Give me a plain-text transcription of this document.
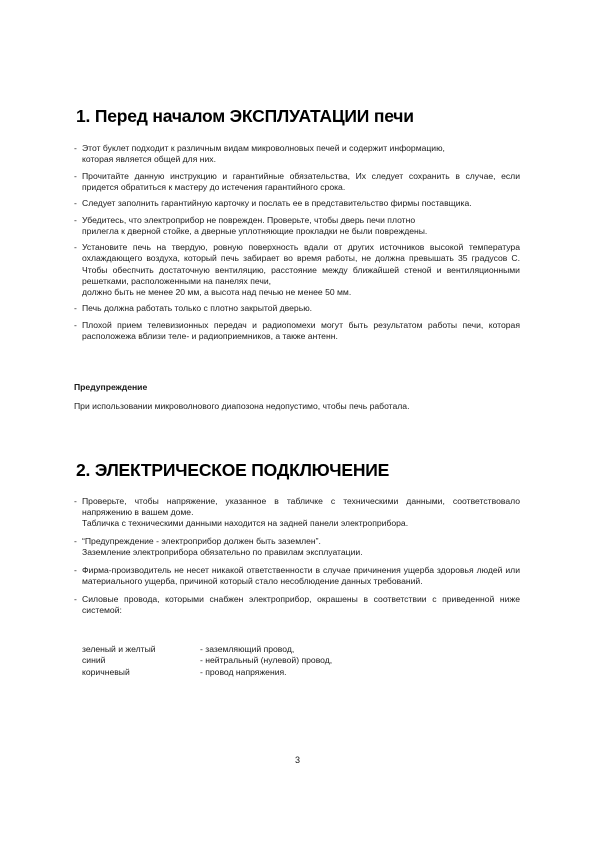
1. Перед началом ЭКСПЛУАТАЦИИ печи
- Этот буклет подходит к различным видам микроволновых печей и содержит информацию,
которая является общей для них.
- Прочитайте данную инструкцию и гарантийные обязательства, Их следует сохранить в случае, если придется обратиться к мастеру до истечения гарантийного срока.
- Следует заполнить гарантийную карточку и послать ее в представительство фирмы поставщика.
- Убедитесь, что электроприбор не поврежден. Проверьте, чтобы дверь печи плотно
прилегла к дверной стойке, а дверные уплотняющие прокладки не были повреждены.
- Установите печь на твердую, ровную поверхность вдали от других источников высокой температура охлаждающего воздуха, который печь забирает во время работы, не должна превышать 35 градусов С. Чтобы обеспчить достаточную вентиляцию, расстояние между ближайшей стеной и вентиляционными решетками, расположенными на панелях печи,
должно быть не менее 20 мм, а высота над печью не менее 50 мм.
- Печь должна работать только с плотно закрытой дверью.
- Плохой прием телевизионных передач и радиопомехи могут быть результатом работы печи, которая расположежа вблизи теле- и радиоприемников, а также антенн.

Предупреждение

При использовании микроволнового диапозона недопустимо, чтобы печь работала.

2. ЭЛЕКТРИЧЕСКОЕ ПОДКЛЮЧЕНИЕ
- Проверьте, чтобы напряжение, указанное в табличке с техническими данными, соответствовало напряжению в вашем доме.
Табличка с техническими данными находится на задней панели электроприбора.
- “Предупреждение - электроприбор должен быть заземлен”.
Заземление электроприбора обязательно по правилам эксплуатации.
- Фирма-производитель не несет никакой ответственности в случае причинения ущерба здоровья людей или материального ущерба, причиной который стало несоблюдение данных требований.
- Силовые провода, которыми снабжен электроприбор, окрашены в соответствии с приведенной ниже системой:
зеленый и желтый	- заземляющий провод,
синий	- нейтральный (нулевой) провод,
коричневый	- провод напряжения.
3
